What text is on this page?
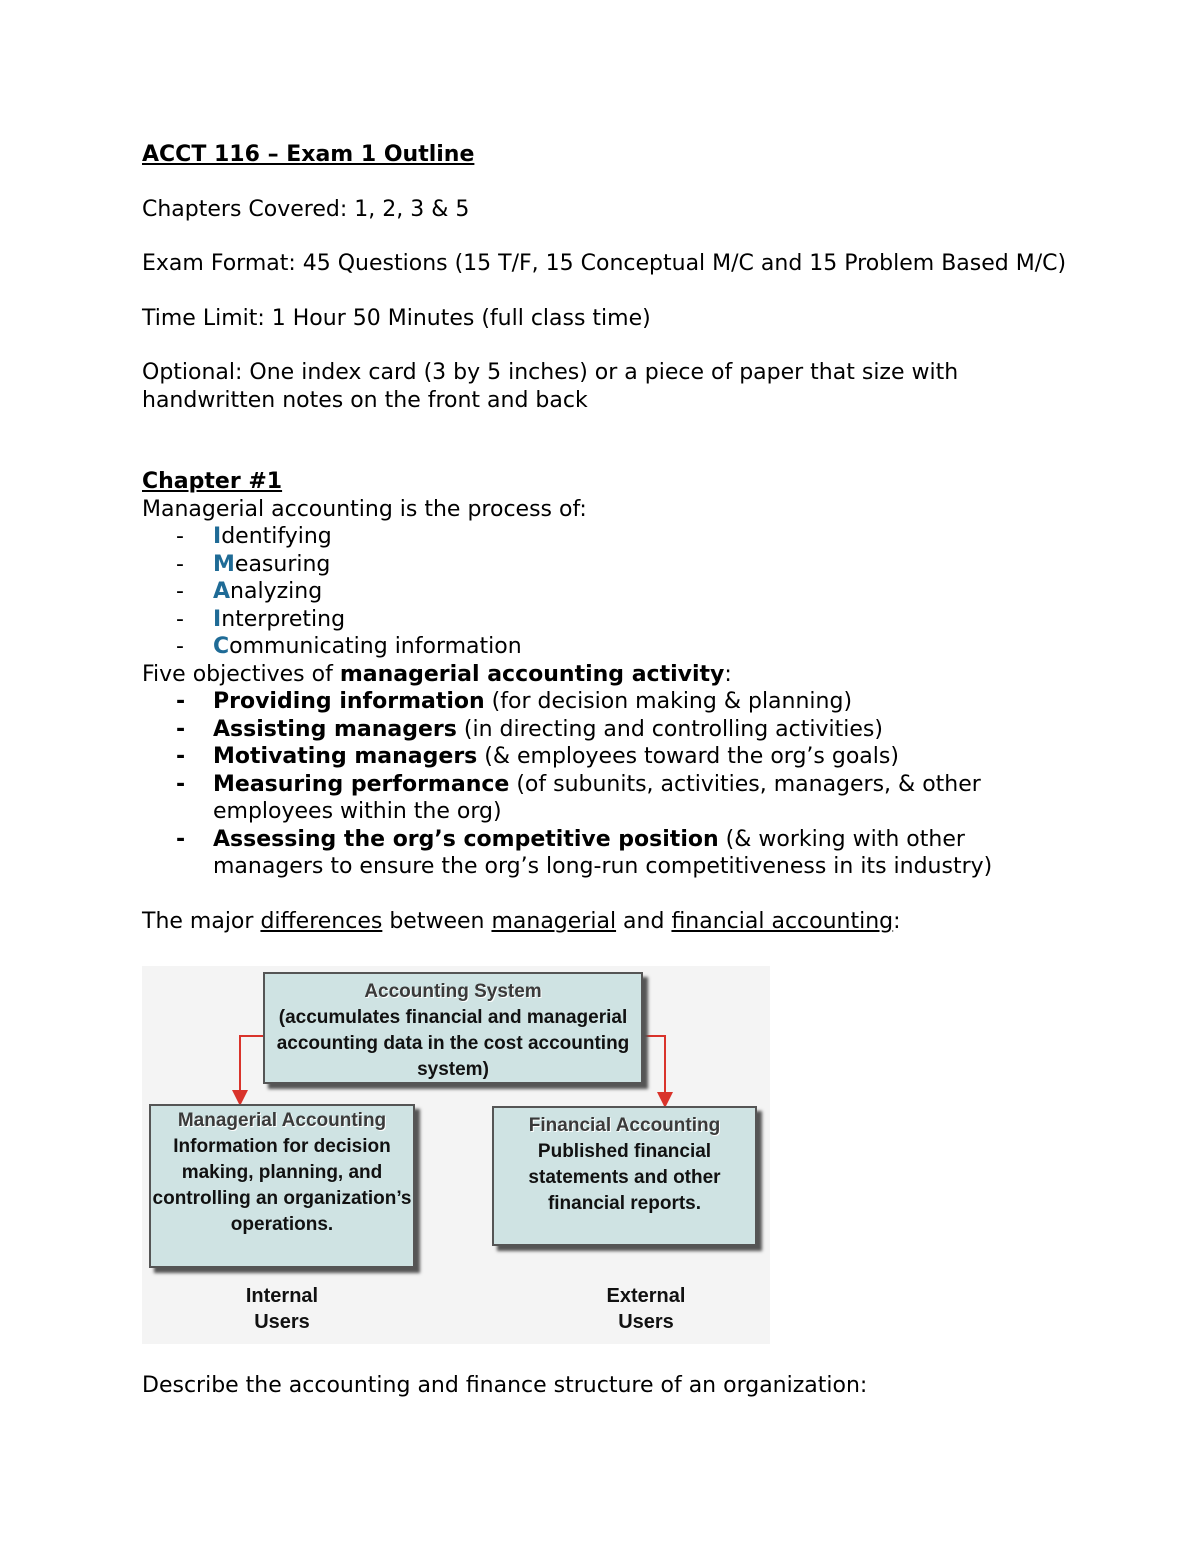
ACCT 116 – Exam 1 Outline

Chapters Covered: 1, 2, 3 & 5

Exam Format: 45 Questions (15 T/F, 15 Conceptual M/C and 15 Problem Based M/C)

Time Limit: 1 Hour 50 Minutes (full class time)

Optional: One index card (3 by 5 inches) or a piece of paper that size with handwritten notes on the front and back

Chapter #1

Managerial accounting is the process of:

- Identifying
- Measuring
- Analyzing
- Interpreting
- Communicating information

Five objectives of managerial accounting activity:

- Providing information (for decision making & planning)
- Assisting managers (in directing and controlling activities)
- Motivating managers (& employees toward the org’s goals)
- Measuring performance (of subunits, activities, managers, & other employees within the org)
- Assessing the org’s competitive position (& working with other managers to ensure the org’s long-run competitiveness in its industry)

The major differences between managerial and financial accounting:

Accounting System
(accumulates financial and managerial accounting data in the cost accounting system)
Managerial Accounting
Information for decision making, planning, and controlling an organization’s operations.
Financial Accounting
Published financial statements and other financial reports.
Internal
Users
External
Users

Describe the accounting and finance structure of an organization:
